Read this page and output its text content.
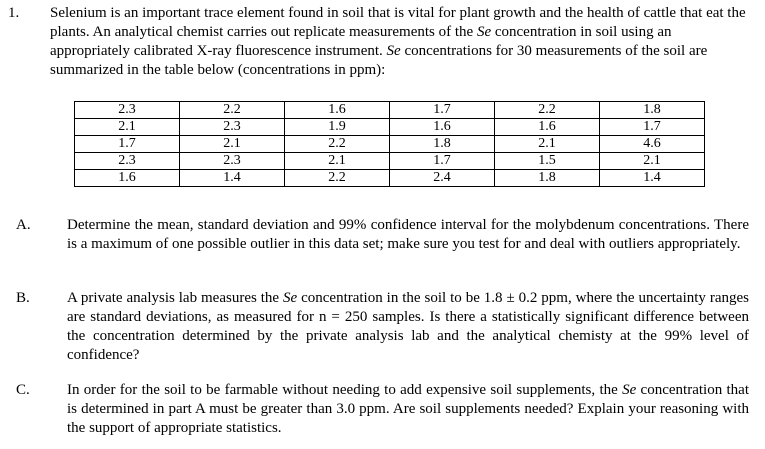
1. Selenium is an important trace element found in soil that is vital for plant growth and the health of cattle that eat the plants. An analytical chemist carries out replicate measurements of the Se concentration in soil using an appropriately calibrated X-ray fluorescence instrument. Se concentrations for 30 measurements of the soil are summarized in the table below (concentrations in ppm):
2.3	2.2	1.6	1.7	2.2	1.8
2.1	2.3	1.9	1.6	1.6	1.7
1.7	2.1	2.2	1.8	2.1	4.6
2.3	2.3	2.1	1.7	1.5	2.1
1.6	1.4	2.2	2.4	1.8	1.4
A. Determine the mean, standard deviation and 99% confidence interval for the molybdenum concentrations. There is a maximum of one possible outlier in this data set; make sure you test for and deal with outliers appropriately.
B. A private analysis lab measures the Se concentration in the soil to be 1.8 ± 0.2 ppm, where the uncertainty ranges are standard deviations, as measured for n = 250 samples. Is there a statistically significant difference between the concentration determined by the private analysis lab and the analytical chemisty at the 99% level of confidence?
C. In order for the soil to be farmable without needing to add expensive soil supplements, the Se concentration that is determined in part A must be greater than 3.0 ppm. Are soil supplements needed? Explain your reasoning with the support of appropriate statistics.
